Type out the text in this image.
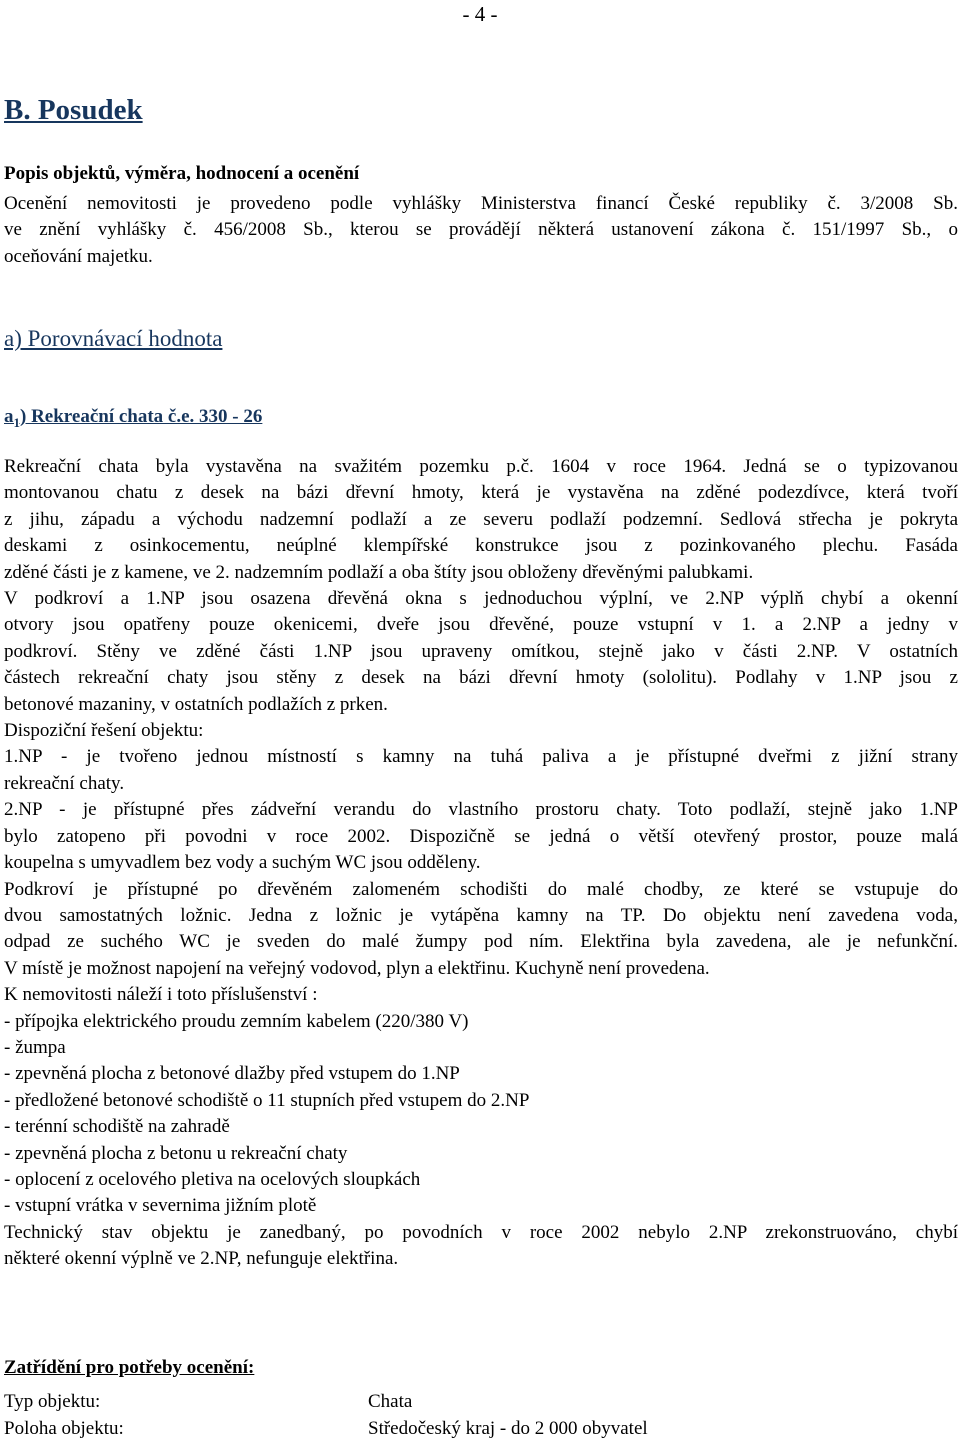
- 4 -
B. Posudek
Popis objektů, výměra, hodnocení a ocenění
Ocenění nemovitosti je provedeno podle vyhlášky Ministerstva financí České republiky č. 3/2008 Sb.
ve znění vyhlášky č. 456/2008 Sb., kterou se provádějí některá ustanovení zákona č. 151/1997 Sb., o
oceňování majetku.
a) Porovnávací hodnota
$a_1$) Rekreační chata č.e. 330 - 26
Rekreační chata byla vystavěna na svažitém pozemku p.č. 1604 v roce 1964. Jedná se o typizovanou
montovanou chatu z desek na bázi dřevní hmoty, která je vystavěna na zděné podezdívce, která tvoří
z jihu, západu a východu nadzemní podlaží a ze severu podlaží podzemní. Sedlová střecha je pokryta
deskami z osinkocementu, neúplné klempířské konstrukce jsou z pozinkovaného plechu. Fasáda
zděné části je z kamene, ve 2. nadzemním podlaží a oba štíty jsou obloženy dřevěnými palubkami.
V podkroví a 1.NP jsou osazena dřevěná okna s jednoduchou výplní, ve 2.NP výplň chybí a okenní
otvory jsou opatřeny pouze okenicemi, dveře jsou dřevěné, pouze vstupní v 1. a 2.NP a jedny v
podkroví. Stěny ve zděné části 1.NP jsou upraveny omítkou, stejně jako v části 2.NP. V ostatních
částech rekreační chaty jsou stěny z desek na bázi dřevní hmoty (sololitu). Podlahy v 1.NP jsou z
betonové mazaniny, v ostatních podlažích z prken.
Dispoziční řešení objektu:
1.NP - je tvořeno jednou místností s kamny na tuhá paliva a je přístupné dveřmi z jižní strany
rekreační chaty.
2.NP - je přístupné přes zádveřní verandu do vlastního prostoru chaty. Toto podlaží, stejně jako 1.NP
bylo zatopeno při povodni v roce 2002. Dispozičně se jedná o větší otevřený prostor, pouze malá
koupelna s umyvadlem bez vody a suchým WC jsou odděleny.
Podkroví je přístupné po dřevěném zalomeném schodišti do malé chodby, ze které se vstupuje do
dvou samostatných ložnic. Jedna z ložnic je vytápěna kamny na TP. Do objektu není zavedena voda,
odpad ze suchého WC je sveden do malé žumpy pod ním. Elektřina byla zavedena, ale je nefunkční.
V místě je možnost napojení na veřejný vodovod, plyn a elektřinu. Kuchyně není provedena.
K nemovitosti náleží i toto příslušenství :
- přípojka elektrického proudu zemním kabelem (220/380 V)
- žumpa
- zpevněná plocha z betonové dlažby před vstupem do 1.NP
- předložené betonové schodiště o 11 stupních před vstupem do 2.NP
- terénní schodiště na zahradě
- zpevněná plocha z betonu u rekreační chaty
- oplocení z ocelového pletiva na ocelových sloupkách
- vstupní vrátka v severnima jižním plotě
Technický stav objektu je zanedbaný, po povodních v roce 2002 nebylo 2.NP zrekonstruováno, chybí
některé okenní výplně ve 2.NP, nefunguje elektřina.
Zatřídění pro potřeby ocenění:
Typ objektu:	Chata
Poloha objektu:	Středočeský kraj - do 2 000 obyvatel
